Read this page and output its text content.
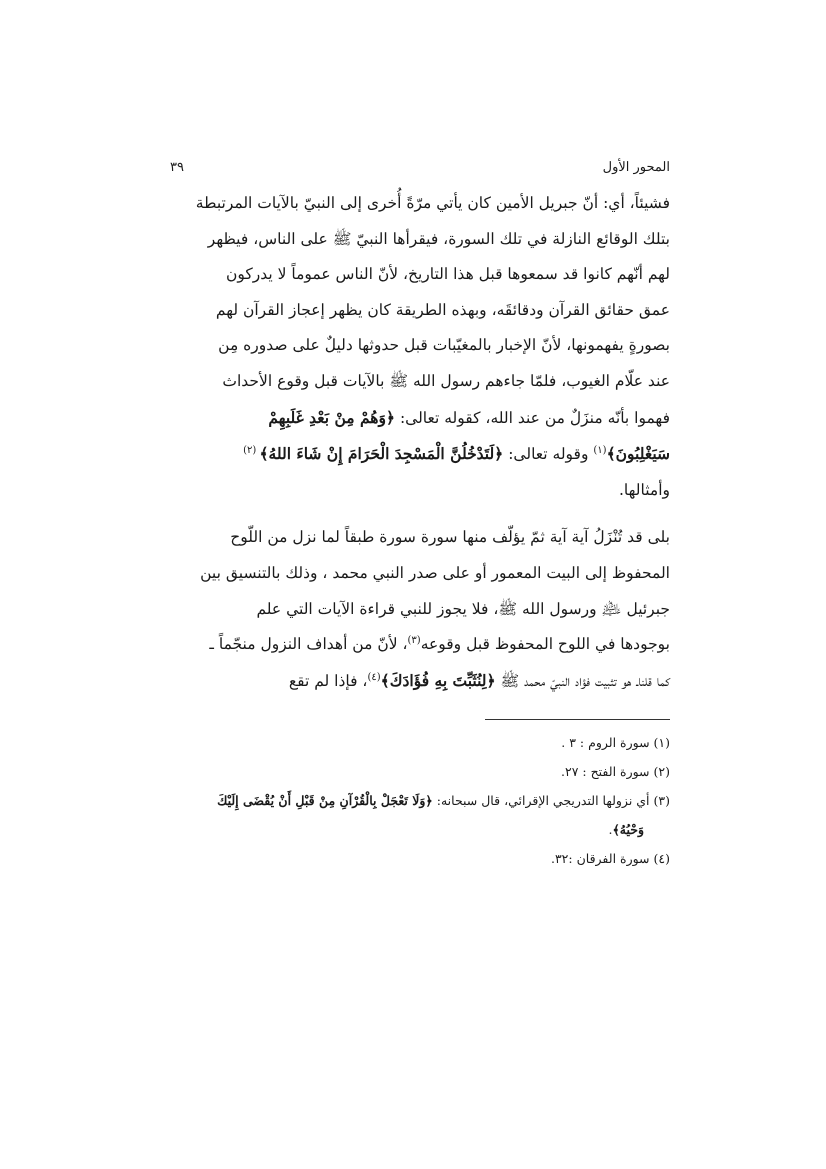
المحور الأول
٣٩

فشيئاً، أي: أنّ جبريل الأمين كان يأتي مرّةً أُخرى إلى النبيّ بالآيات المرتبطة

بتلك الوقائع النازلة في تلك السورة، فيقرأها النبيّ ﷺ على الناس، فيظهر

لهم أنّهم كانوا قد سمعوها قبل هذا التاريخ، لأنّ الناس عموماً لا يدركون

عمق حقائق القرآن ودقائقَه، وبهذه الطريقة كان يظهر إعجاز القرآن لهم

بصورةٍ يفهمونها، لأنّ الإخبار بالمغيّبات قبل حدوثها دليلٌ على صدوره مِن

عند علّام الغيوب، فلمّا جاءهم رسول الله ﷺ بالآيات قبل وقوع الأحداث

فهموا بأنّه منزَلٌ من عند الله، كقوله تعالى: ﴿وَهُمْ مِنْ بَعْدِ غَلَبِهِمْ

سَيَغْلِبُونَ﴾$^{(١)}$ وقوله تعالى: ﴿لَتَدْخُلُنَّ الْمَسْجِدَ الْحَرَامَ إِنْ شَاءَ اللهُ﴾ $^{(٢)}$

وأمثالها.

بلى قد تُنْزَلُ آية آية ثمّ يؤلّف منها سورة سورة طبقاً لما نزل من اللّوح

المحفوظ إلى البيت المعمور أو على صدر النبي محمد ، وذلك بالتنسيق بين

جبرئيل ﵇ ورسول الله ﷺ، فلا يجوز للنبي قراءة الآيات التي علم

بوجودها في اللوح المحفوظ قبل وقوعه$^{(٣)}$، لأنّ من أهداف النزول منجّماً ـ

كما قلناـ هو تثبيت فؤاد النبيّ محمد ﷺ ﴿لِنُثَبِّتَ بِهِ فُؤَادَكَ﴾$^{(٤)}$، فإذا لم تقع

(١) سورة الروم : ٣ .

(٢) سورة الفتح : ٢٧.

(٣) أي نزولها التدريجي الإقرائي، قال سبحانه: ﴿وَلَا تَعْجَلْ بِالْقُرْآنِ مِنْ قَبْلِ أَنْ يُقْضَى إِلَيْكَ

وَحْيُهُ﴾.

(٤) سورة الفرقان :٣٢.
